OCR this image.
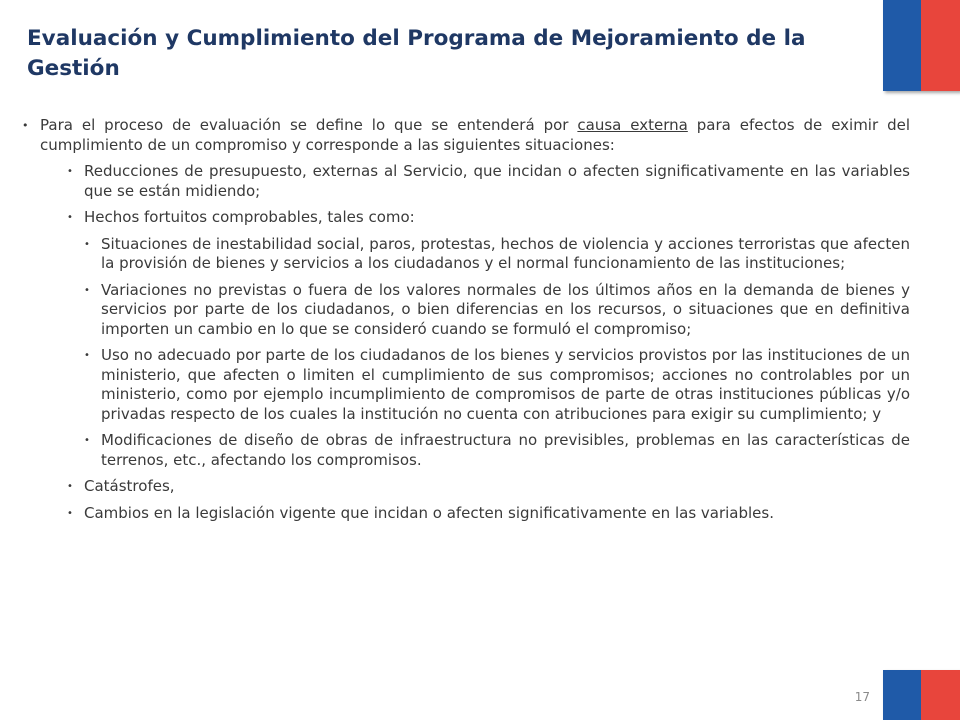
Evaluación y Cumplimiento del Programa de Mejoramiento de la Gestión
• Para el proceso de evaluación se define lo que se entenderá por causa externa para efectos de eximir del cumplimiento de un compromiso y corresponde a las siguientes situaciones:
• Reducciones de presupuesto, externas al Servicio, que incidan o afecten significativamente en las variables que se están midiendo;
• Hechos fortuitos comprobables, tales como:
• Situaciones de inestabilidad social, paros, protestas, hechos de violencia y acciones terroristas que afecten la provisión de bienes y servicios a los ciudadanos y el normal funcionamiento de las instituciones;
• Variaciones no previstas o fuera de los valores normales de los últimos años en la demanda de bienes y servicios por parte de los ciudadanos, o bien diferencias en los recursos, o situaciones que en definitiva importen un cambio en lo que se consideró cuando se formuló el compromiso;
• Uso no adecuado por parte de los ciudadanos de los bienes y servicios provistos por las instituciones de un ministerio, que afecten o limiten el cumplimiento de sus compromisos; acciones no controlables por un ministerio, como por ejemplo incumplimiento de compromisos de parte de otras instituciones públicas y/o privadas respecto de los cuales la institución no cuenta con atribuciones para exigir su cumplimiento; y
• Modificaciones de diseño de obras de infraestructura no previsibles, problemas en las características de terrenos, etc., afectando los compromisos.
• Catástrofes,
• Cambios en la legislación vigente que incidan o afecten significativamente en las variables.
17
